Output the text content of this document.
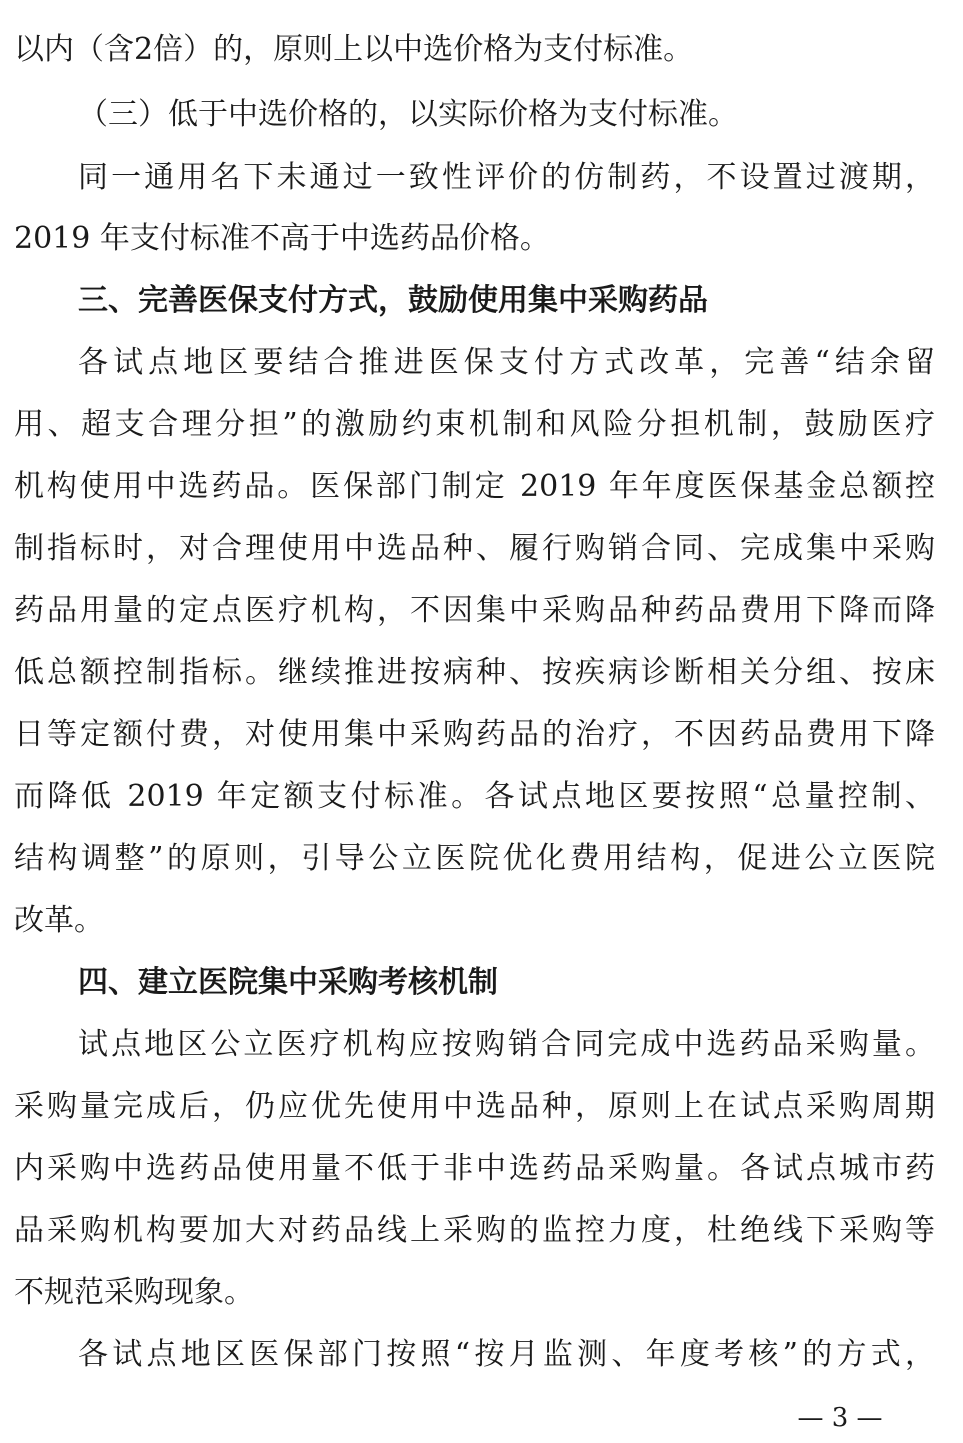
以内（含2倍）的，原则上以中选价格为支付标准。
（三）低于中选价格的，以实际价格为支付标准。
同一通用名下未通过一致性评价的仿制药，不设置过渡期，
2019 年支付标准不高于中选药品价格。
三、完善医保支付方式，鼓励使用集中采购药品
各试点地区要结合推进医保支付方式改革，完善“结余留
用、超支合理分担”的激励约束机制和风险分担机制，鼓励医疗
机构使用中选药品。医保部门制定 2019 年年度医保基金总额控
制指标时，对合理使用中选品种、履行购销合同、完成集中采购
药品用量的定点医疗机构，不因集中采购品种药品费用下降而降
低总额控制指标。继续推进按病种、按疾病诊断相关分组、按床
日等定额付费，对使用集中采购药品的治疗，不因药品费用下降
而降低 2019 年定额支付标准。各试点地区要按照“总量控制、
结构调整”的原则，引导公立医院优化费用结构，促进公立医院
改革。
四、建立医院集中采购考核机制
试点地区公立医疗机构应按购销合同完成中选药品采购量。
采购量完成后，仍应优先使用中选品种，原则上在试点采购周期
内采购中选药品使用量不低于非中选药品采购量。各试点城市药
品采购机构要加大对药品线上采购的监控力度，杜绝线下采购等
不规范采购现象。
各试点地区医保部门按照“按月监测、年度考核”的方式，
— 3 —
